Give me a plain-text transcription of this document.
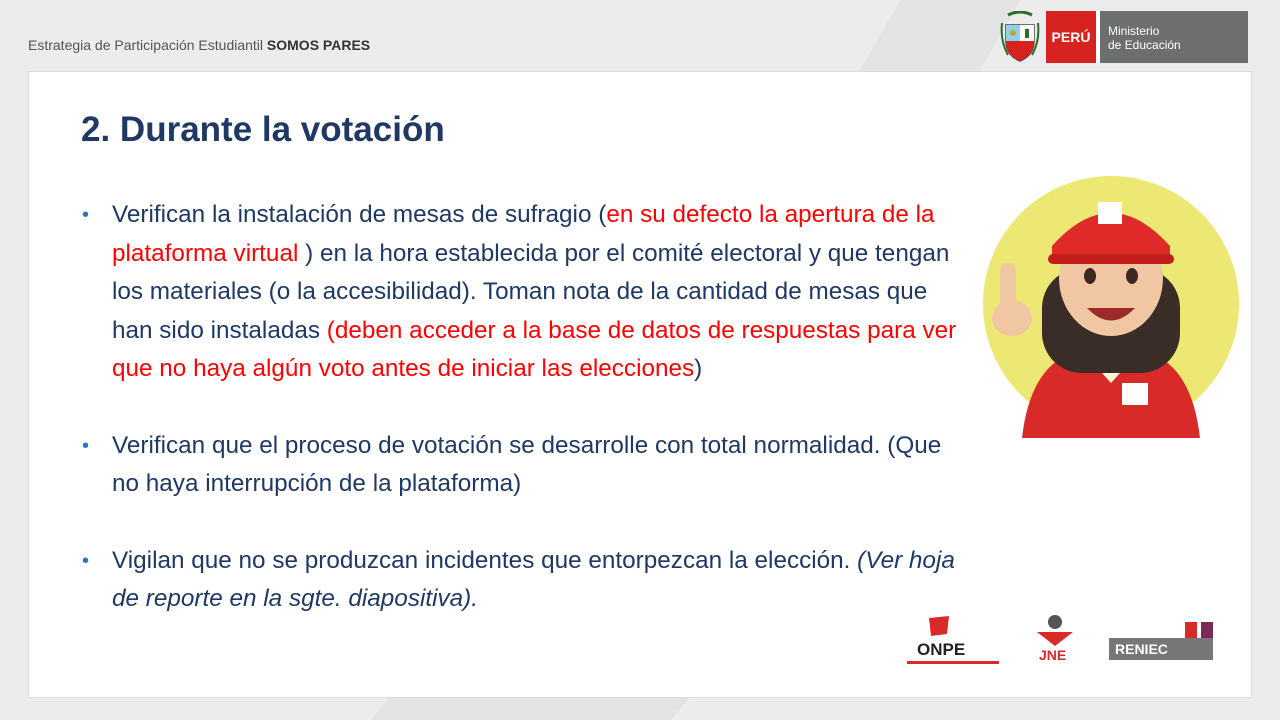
Estrategia de Participación Estudiantil SOMOS PARES	PERÚ	Ministerio
de Educación
2. Durante la votación
• Verifican la instalación de mesas de sufragio (en su defecto la apertura de la plataforma virtual ) en la hora establecida por el comité electoral y que tengan los materiales (o la accesibilidad). Toman nota de la cantidad de mesas que han sido instaladas (deben acceder a la base de datos de respuestas para ver que no haya algún voto antes de iniciar las elecciones)
• Verifican que el proceso de votación se desarrolle con total normalidad. (Que no haya interrupción de la plataforma)
• Vigilan que no se produzcan incidentes que entorpezcan la elección. (Ver hoja de reporte en la sgte. diapositiva).
ONPE	JNE	RENIEC
